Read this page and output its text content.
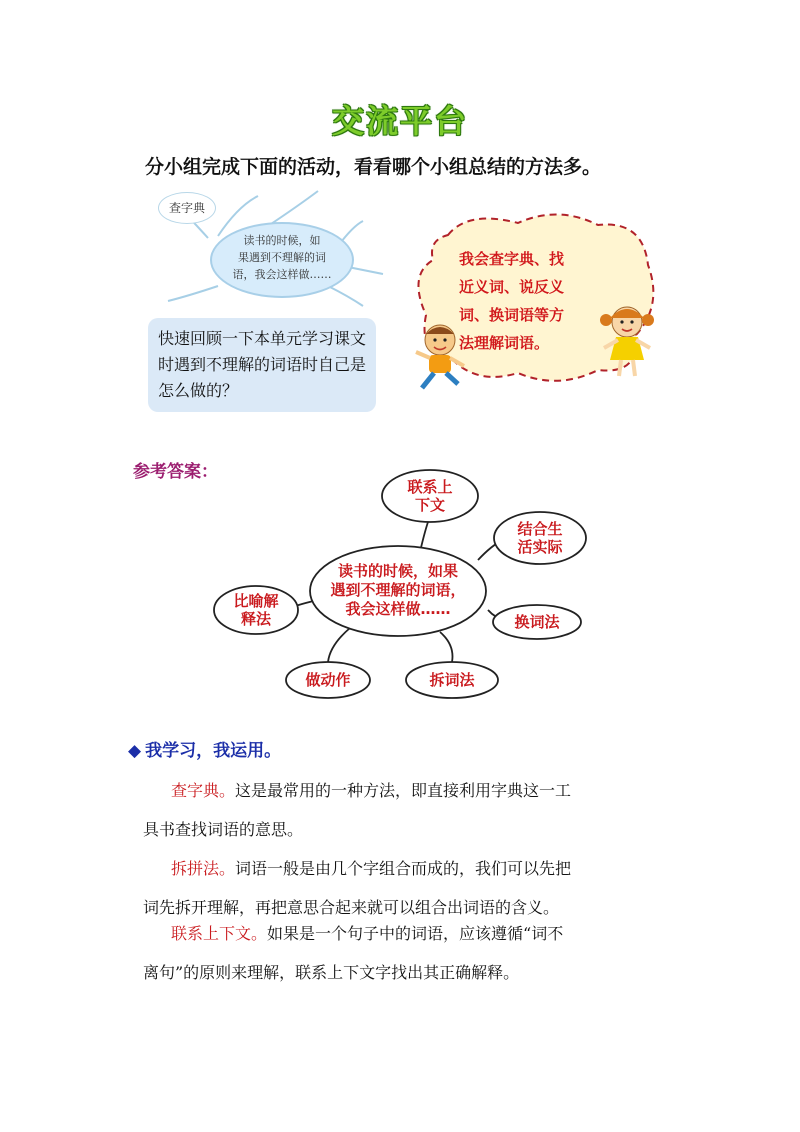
交流平台
分小组完成下面的活动，看看哪个小组总结的方法多。
查字典
读书的时候，如
果遇到不理解的词
语，我会这样做……
快速回顾一下本单元学习课文时遇到不理解的词语时自己是怎么做的？
我会查字典、找
近义词、说反义
词、换词语等方
法理解词语。
参考答案：
读书的时候，如果
遇到不理解的词语，
我会这样做……
联系上
下文
结合生
活实际
换词法
拆词法
做动作
比喻解
释法
◆ 我学习，我运用。
查字典。这是最常用的一种方法，即直接利用字典这一工
具书查找词语的意思。
拆拼法。词语一般是由几个字组合而成的，我们可以先把
词先拆开理解，再把意思合起来就可以组合出词语的含义。
联系上下文。如果是一个句子中的词语，应该遵循“词不
离句”的原则来理解，联系上下文字找出其正确解释。
